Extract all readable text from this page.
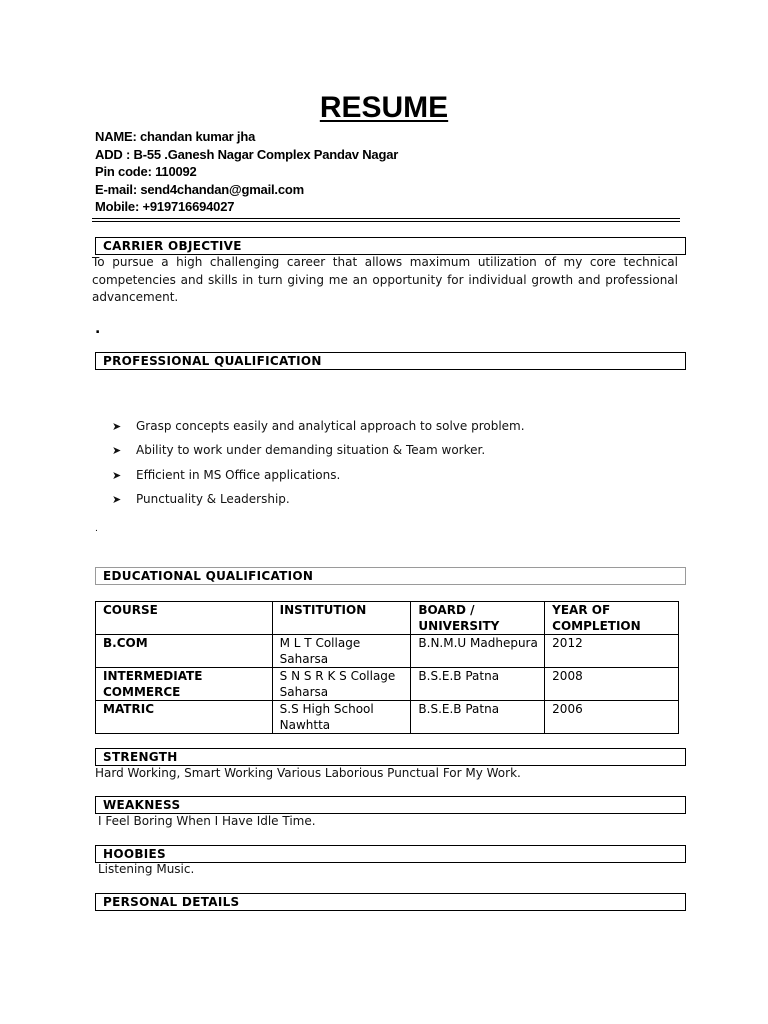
RESUME
NAME: chandan kumar jha
ADD : B-55 .Ganesh Nagar Complex Pandav Nagar
Pin code: 110092
E-mail: send4chandan@gmail.com
Mobile: +919716694027
CARRIER OBJECTIVE
To pursue a high challenging career that allows maximum utilization of my core technical competencies and skills in turn giving me an opportunity for individual growth and professional advancement.
.
PROFESSIONAL QUALIFICATION
➤	Grasp concepts easily and analytical approach to solve problem.
➤	Ability to work under demanding situation & Team worker.
➤	Efficient in MS Office applications.
➤	Punctuality & Leadership.
.
EDUCATIONAL QUALIFICATION
COURSE	INSTITUTION	BOARD / UNIVERSITY	YEAR OF COMPLETION
B.COM	M L T Collage Saharsa	B.N.M.U Madhepura	2012
INTERMEDIATE COMMERCE	S N S R K S Collage Saharsa	B.S.E.B Patna	2008
MATRIC	S.S High School Nawhtta	B.S.E.B Patna	2006
STRENGTH
Hard Working, Smart Working Various Laborious Punctual For My Work.
WEAKNESS
I Feel Boring When I Have Idle Time.
HOOBIES
Listening Music.
PERSONAL DETAILS
